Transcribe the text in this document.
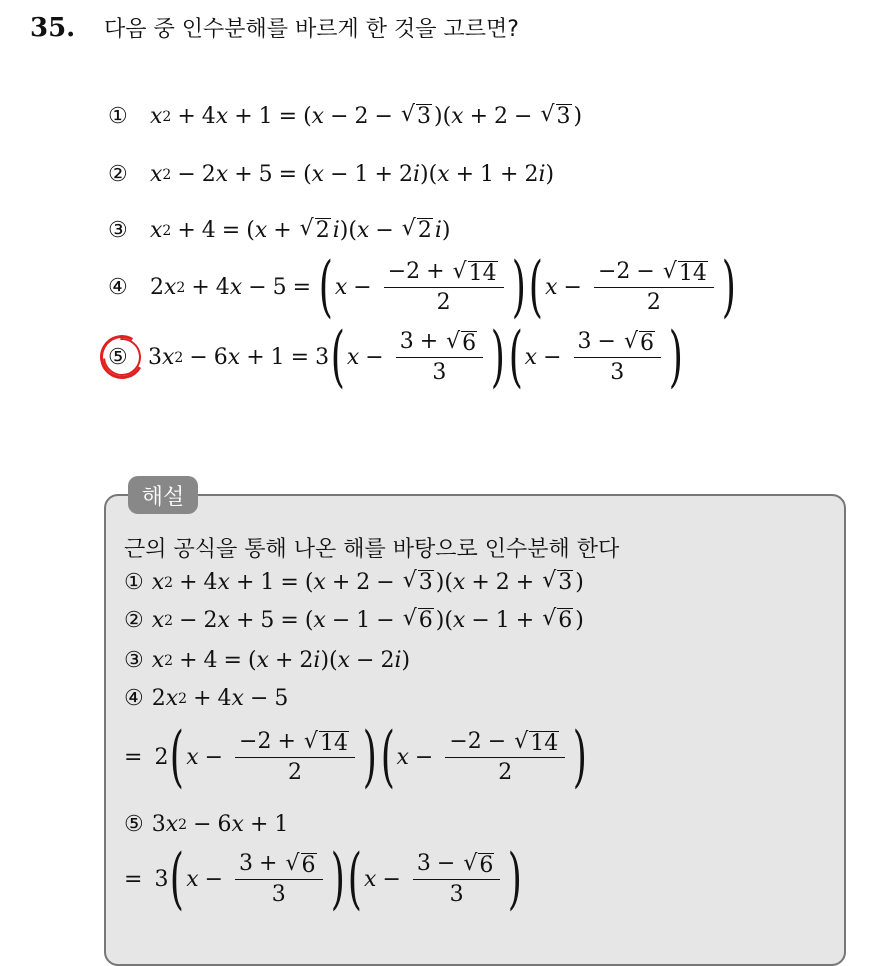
35.	다음 중 인수분해를 바르게 한 것을 고르면?
①	x 2 + 4 x + 1 = ( x − 2 − √ 3 )( x + 2 − √ 3 )
②	x 2 − 2 x + 5 = ( x − 1 + 2 i )( x + 1 + 2 i )
③	x 2 + 4 = ( x + √ 2 i )( x − √ 2 i )
④	2 x 2 + 4 x − 5 = ( $x - \frac{-2 + √ 14}{2}$ ) ( $x - \frac{-2 - √ 14}{2}$ )
⑤ 3 x 2 − 6 x + 1 = 3 ( $x - \frac{3 + √ 6}{3}$ ) ( $x - \frac{3 - √ 6}{3}$ )
해설
근의 공식을 통해 나온 해를 바탕으로 인수분해 한다
① x 2 + 4 x + 1 = ( x + 2 − √ 3 )( x + 2 + √ 3 )
② x 2 − 2 x + 5 = ( x − 1 − √ 6 )( x − 1 + √ 6 )
③ x 2 + 4 = ( x + 2 i )( x − 2 i )
④ 2 x 2 + 4 x − 5
= 2 ( $x - \frac{-2 + √ 14}{2}$ ) ( $x - \frac{-2 - √ 14}{2}$ )
⑤ 3 x 2 − 6 x + 1
= 3 ( $x - \frac{3 + √ 6}{3}$ ) ( $x - \frac{3 - √ 6}{3}$ )
